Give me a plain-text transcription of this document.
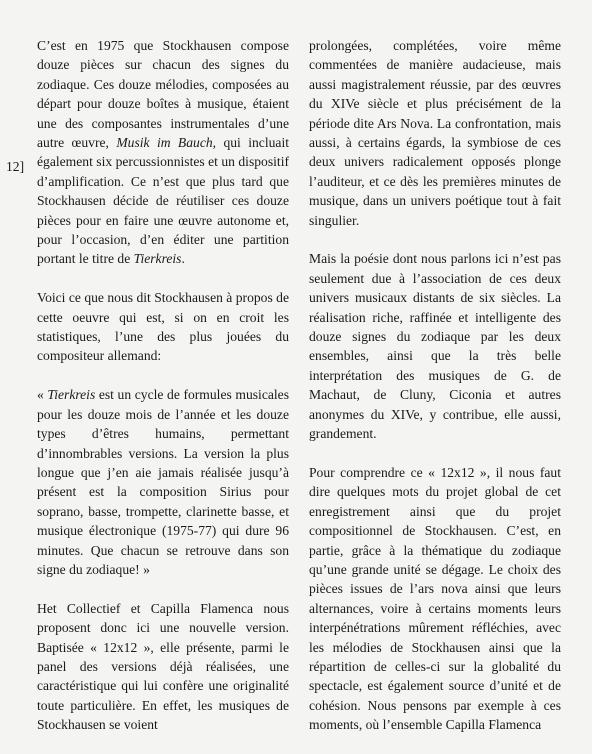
12]

C’est en 1975 que Stockhausen compose douze pièces sur chacun des signes du zodiaque. Ces douze mélodies, composées au départ pour douze boîtes à musique, étaient une des composantes instrumentales d’une autre œuvre, Musik im Bauch, qui incluait également six percussionnistes et un dispositif d’amplification. Ce n’est que plus tard que Stockhausen décide de réutiliser ces douze pièces pour en faire une œuvre autonome et, pour l’occasion, d’en éditer une partition portant le titre de Tierkreis.

Voici ce que nous dit Stockhausen à propos de cette oeuvre qui est, si on en croit les statistiques, l’une des plus jouées du compositeur allemand:

« Tierkreis est un cycle de formules musicales pour les douze mois de l’année et les douze types d’êtres humains, permettant d’innombrables versions. La version la plus longue que j’en aie jamais réalisée jusqu’à présent est la composition Sirius pour soprano, basse, trompette, clarinette basse, et musique électronique (1975-77) qui dure 96 minutes. Que chacun se retrouve dans son signe du zodiaque! »

Het Collectief et Capilla Flamenca nous proposent donc ici une nouvelle version. Baptisée « 12x12 », elle présente, parmi le panel des versions déjà réalisées, une caractéristique qui lui confère une originalité toute particulière. En effet, les musiques de Stockhausen se voient

prolongées, complétées, voire même commentées de manière audacieuse, mais aussi magistralement réussie, par des œuvres du XIVe siècle et plus précisément de la période dite Ars Nova. La confrontation, mais aussi, à certains égards, la symbiose de ces deux univers radicalement opposés plonge l’auditeur, et ce dès les premières minutes de musique, dans un univers poétique tout à fait singulier.

Mais la poésie dont nous parlons ici n’est pas seulement due à l’association de ces deux univers musicaux distants de six siècles. La réalisation riche, raffinée et intelligente des douze signes du zodiaque par les deux ensembles, ainsi que la très belle interprétation des musiques de G. de Machaut, de Cluny, Ciconia et autres anonymes du XIVe, y contribue, elle aussi, grandement.

Pour comprendre ce « 12x12 », il nous faut dire quelques mots du projet global de cet enregistrement ainsi que du projet compositionnel de Stockhausen. C’est, en partie, grâce à la thématique du zodiaque qu’une grande unité se dégage. Le choix des pièces issues de l’ars nova ainsi que leurs alternances, voire à certains moments leurs interpénétrations mûrement réfléchies, avec les mélodies de Stockhausen ainsi que la répartition de celles-ci sur la globalité du spectacle, est également source d’unité et de cohésion. Nous pensons par exemple à ces moments, où l’ensemble Capilla Flamenca
